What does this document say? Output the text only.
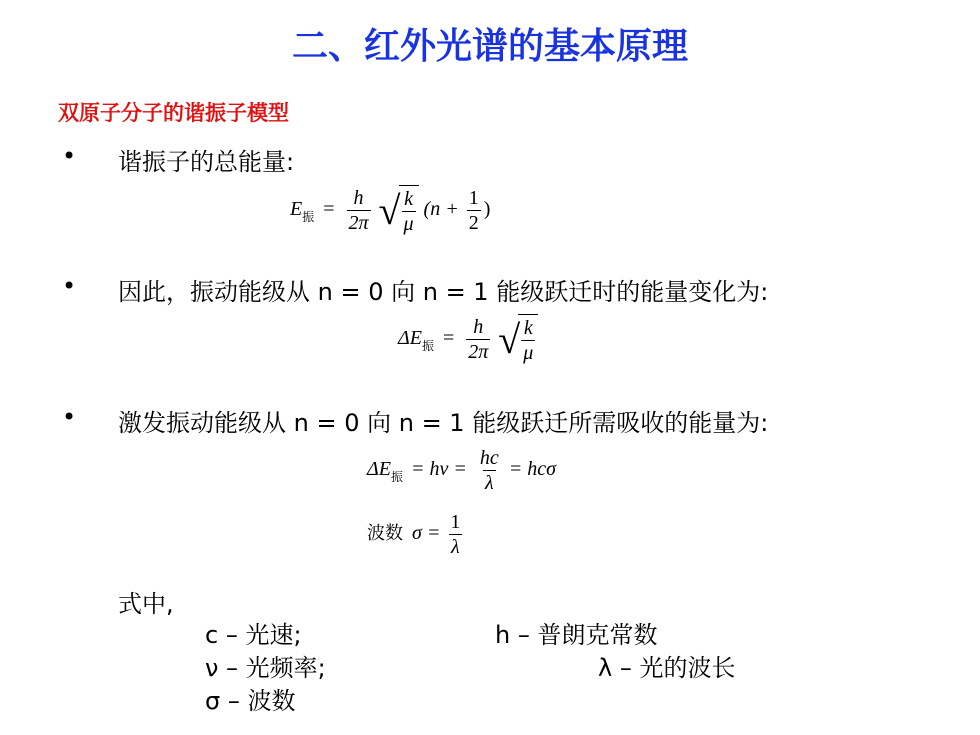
二、红外光谱的基本原理
双原子分子的谐振子模型
• 谐振子的总能量:
$E_振 = \frac{h}{2\pi}$
√ $\frac{k}{\mu} (n + \frac{1}{2}$ )
• 因此，振动能级从 n = 0 向 n = 1 能级跃迁时的能量变化为:
$\Delta E_振 = \frac{h}{2\pi}$
√ $\frac{k}{\mu}$
• 激发振动能级从 n = 0 向 n = 1 能级跃迁所需吸收的能量为:
$\Delta E_振 = h\nu = \frac{hc}{\lambda} = hc\sigma$
波数 $\sigma = \frac{1}{\lambda}$
式中,
c – 光速;	h – 普朗克常数
ν – 光频率;	λ – 光的波长
σ – 波数
